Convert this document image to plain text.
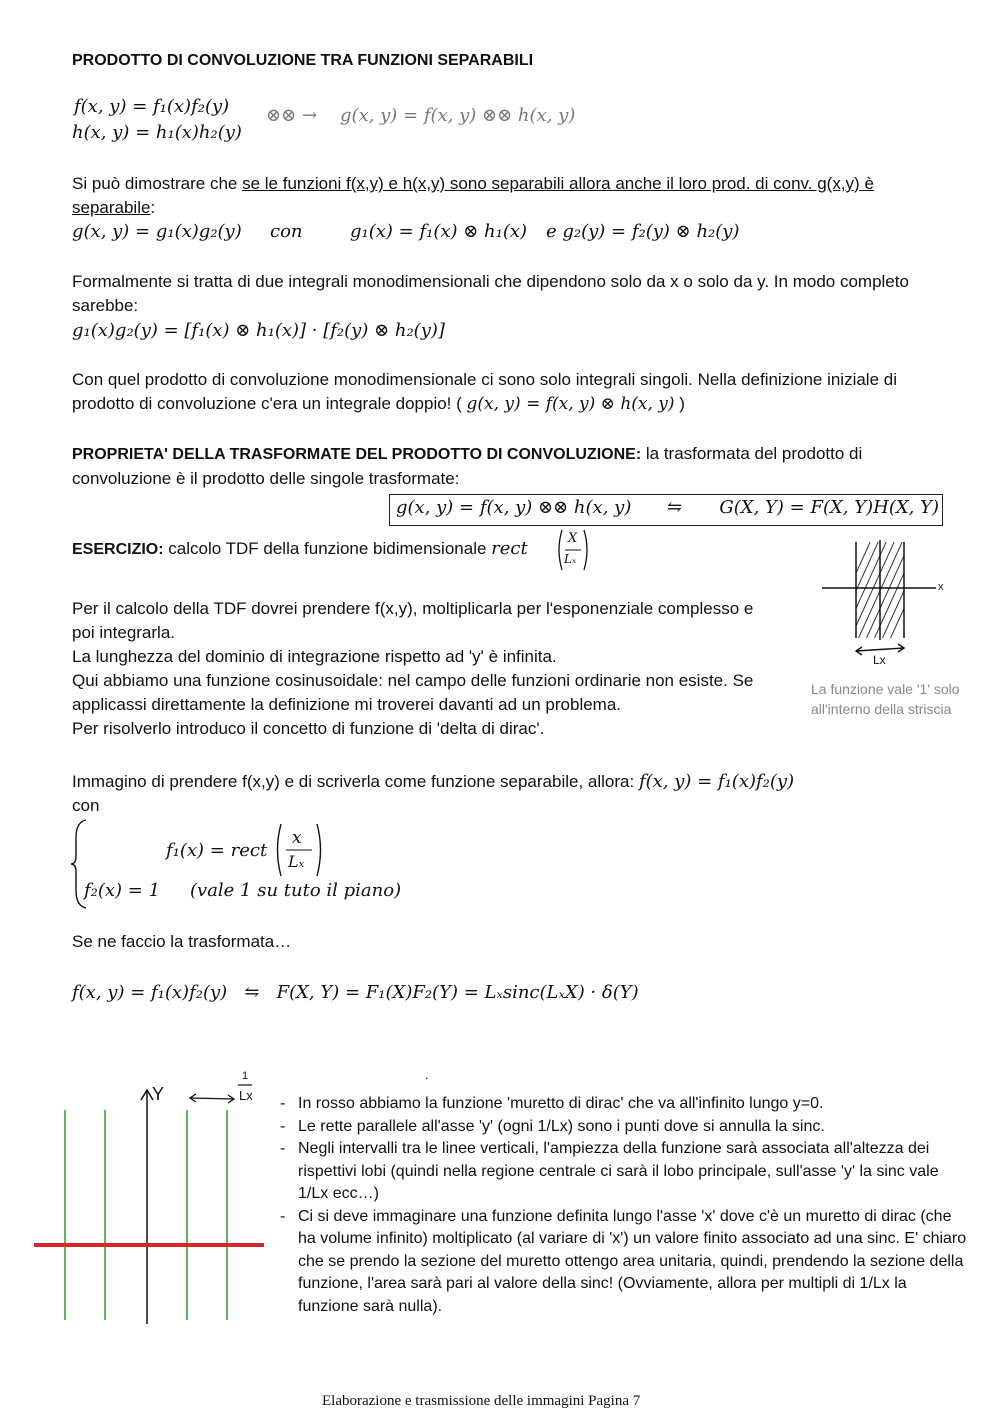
PRODOTTO DI CONVOLUZIONE TRA FUNZIONI SEPARABILI
f(x, y) = f₁(x)f₂(y)
h(x, y) = h₁(x)h₂(y)
⊗⊗ → g(x, y) = f(x, y) ⊗⊗ h(x, y)

Si può dimostrare che se le funzioni f(x,y) e h(x,y) sono separabili allora anche il loro prod. di conv. g(x,y) è
separabile:

g(x, y) = g₁(x)g₂(y) con	g₁(x) = f₁(x) ⊗ h₁(x) e g₂(y) = f₂(y) ⊗ h₂(y)

Formalmente si tratta di due integrali monodimensionali che dipendono solo da x o solo da y. In modo completo sarebbe:

g₁(x)g₂(y) = [f₁(x) ⊗ h₁(x)] · [f₂(y) ⊗ h₂(y)]

Con quel prodotto di convoluzione monodimensionale ci sono solo integrali singoli. Nella definizione iniziale di prodotto di convoluzione c'era un integrale doppio! ( g(x, y) = f(x, y) ⊗ h(x, y) )

PROPRIETA' DELLA TRASFORMATE DEL PRODOTTO DI CONVOLUZIONE: la trasformata del prodotto di convoluzione è il prodotto delle singole trasformate:

g(x, y) = f(x, y) ⊗⊗ h(x, y) ⇋ G(X, Y) = F(X, Y)H(X, Y)
ESERCIZIO: calcolo TDF della funzione bidimensionale rect	X
Lₓ

Per il calcolo della TDF dovrei prendere f(x,y), moltiplicarla per l'esponenziale complesso e poi integrarla.

La lunghezza del dominio di integrazione rispetto ad 'y' è infinita.

Qui abbiamo una funzione cosinusoidale: nel campo delle funzioni ordinarie non esiste. Se applicassi direttamente la definizione mi troverei davanti ad un problema.

Per risolverlo introduco il concetto di funzione di 'delta di dirac'.

x
Lx
La funzione vale '1' solo all'interno della striscia

Immagino di prendere f(x,y) e di scriverla come funzione separabile, allora: f(x, y) = f₁(x)f₂(y)

con

f₁(x) = rect
x
Lₓ
f₂(x) = 1 (vale 1 su tuto il piano)
Se ne faccio la trasformata…
f(x, y) = f₁(x)f₂(y)   ⇋   F(X, Y) = F₁(X)F₂(Y) = Lₓsinc(LₓX) · δ(Y)
.
Y
1
Lx
-	In rosso abbiamo la funzione 'muretto di dirac' che va all'infinito lungo y=0.
- Le rette parallele all'asse 'y' (ogni 1/Lx) sono i punti dove si annulla la sinc.
- Negli intervalli tra le linee verticali, l'ampiezza della funzione sarà associata all'altezza dei rispettivi lobi (quindi nella regione centrale ci sarà il lobo principale, sull'asse 'y' la sinc vale 1/Lx ecc…)
- Ci si deve immaginare una funzione definita lungo l'asse 'x' dove c'è un muretto di dirac (che ha volume infinito) moltiplicato (al variare di 'x') un valore finito associato ad una sinc. E' chiaro che se prendo la sezione del muretto ottengo area unitaria, quindi, prendendo la sezione della funzione, l'area sarà pari al valore della sinc! (Ovviamente, allora per multipli di 1/Lx la funzione sarà nulla).
Elaborazione e trasmissione delle immagini Pagina 7
